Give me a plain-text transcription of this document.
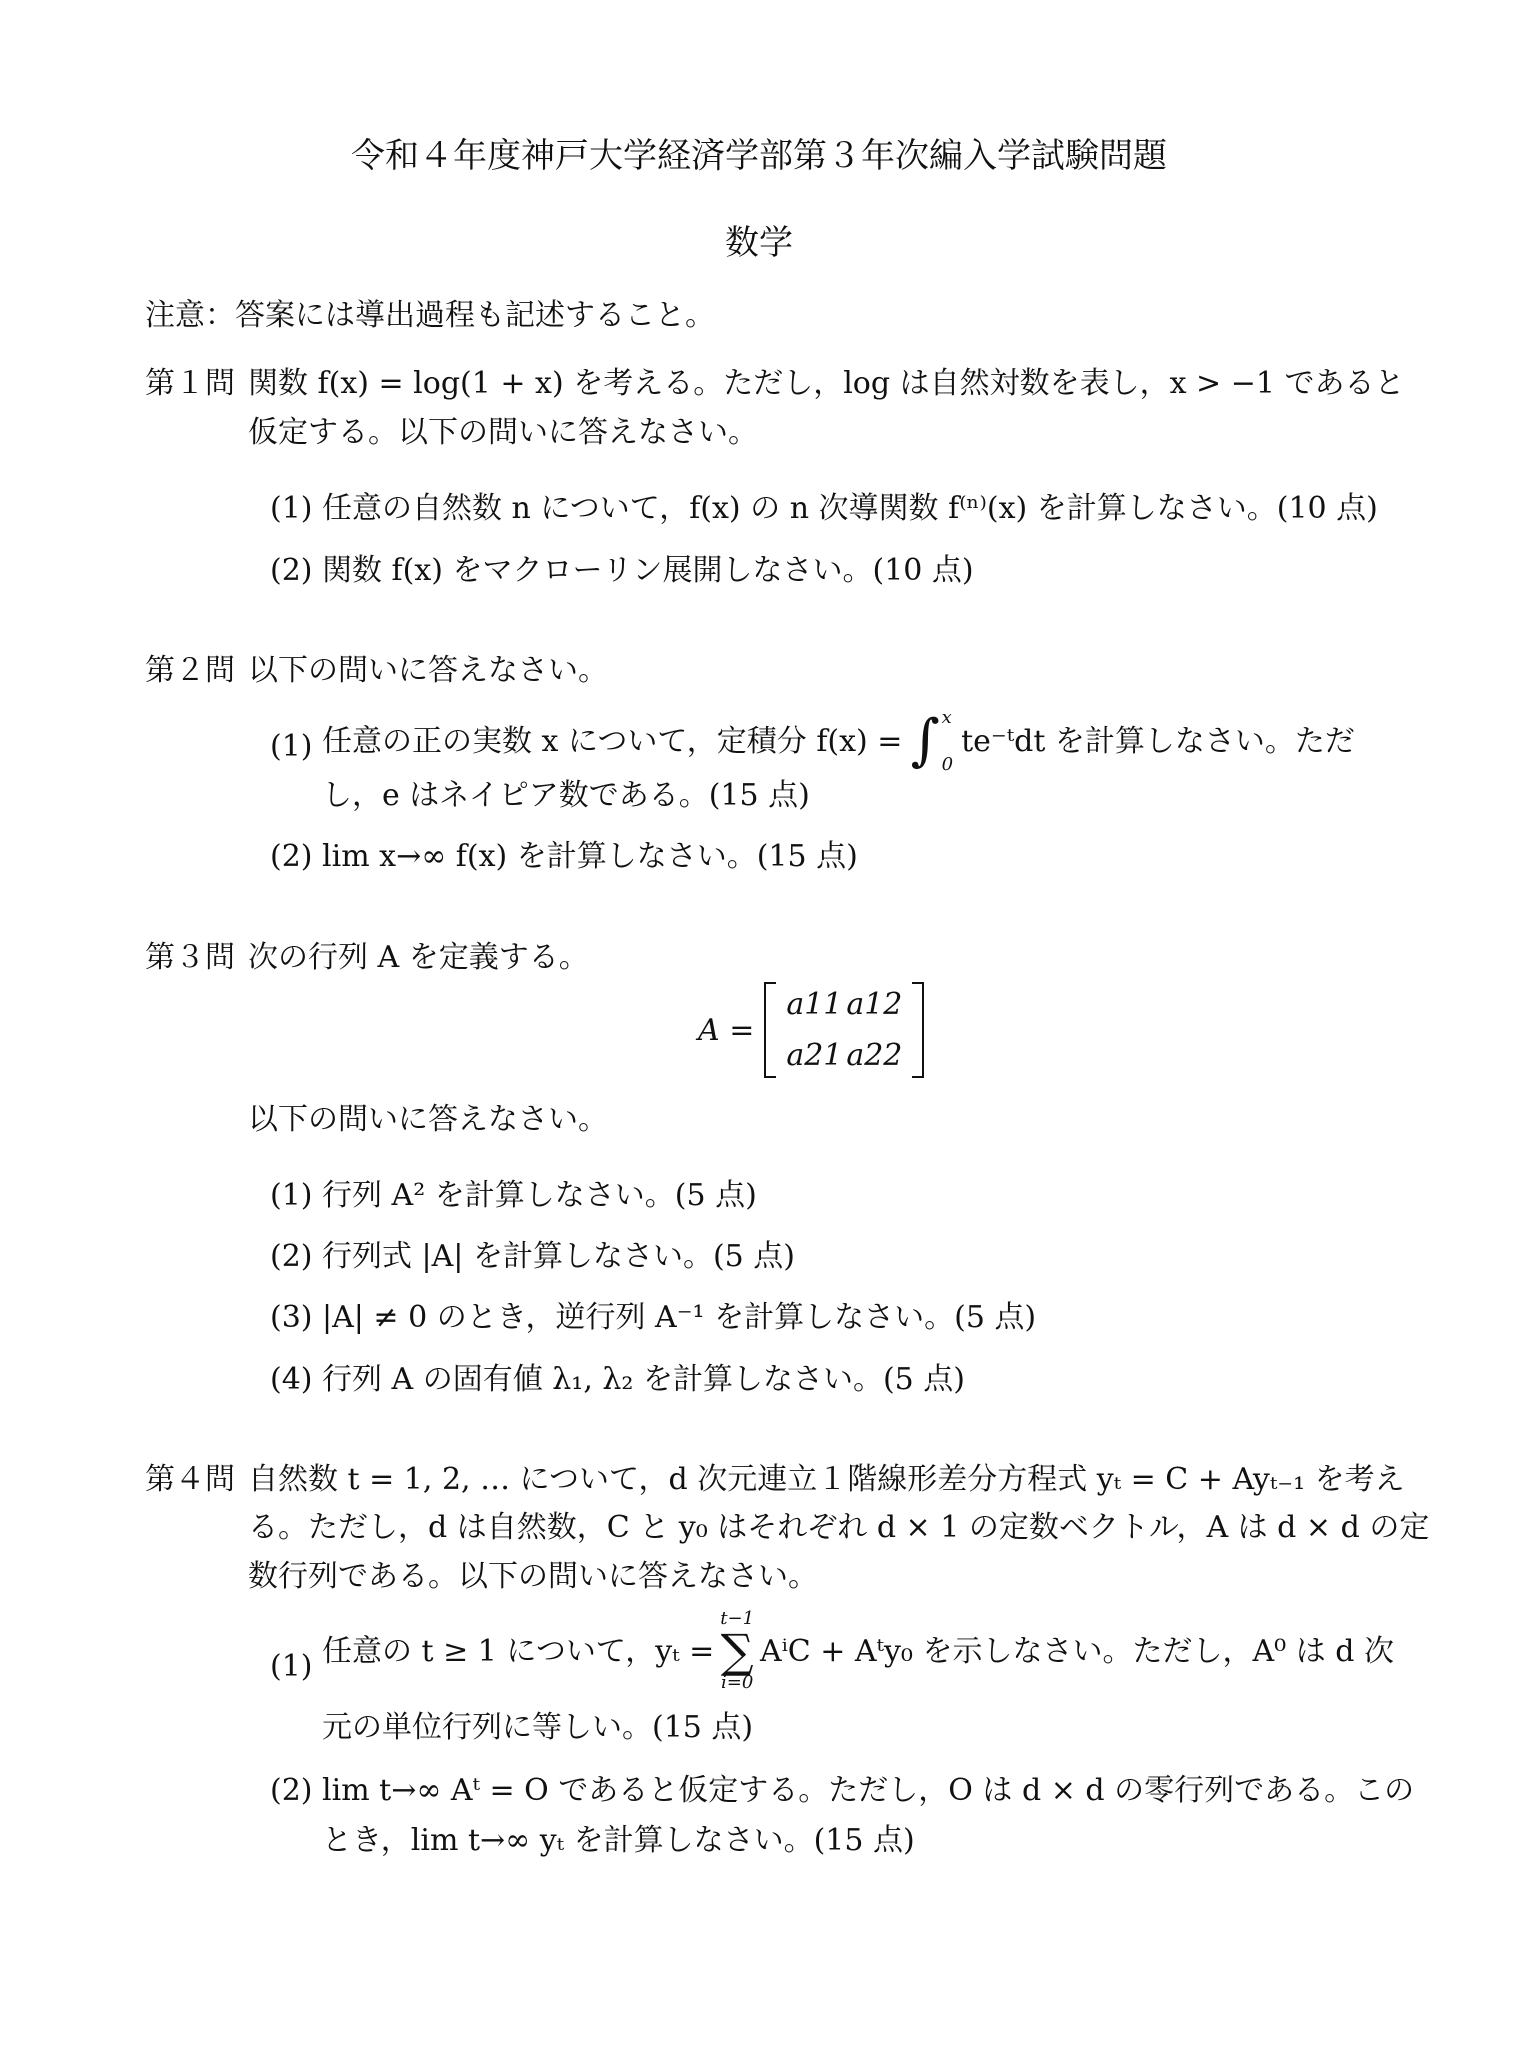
令和４年度神戸大学経済学部第３年次編入学試験問題
数学
注意：答案には導出過程も記述すること。
第１問 関数 f(x) = log(1 + x) を考える。ただし，log は自然対数を表し，x > −1 であると
仮定する。以下の問いに答えなさい。
(1) 任意の自然数 n について，f(x) の n 次導関数 f⁽ⁿ⁾(x) を計算しなさい。(10 点)
(2) 関数 f(x) をマクローリン展開しなさい。(10 点)
第２問 以下の問いに答えなさい。
(1) 任意の正の実数 x について，定積分 f(x) = ∫ x
0
te⁻ᵗdt を計算しなさい。ただ
し，e はネイピア数である。(15 点)
(2) lim x→∞ f(x) を計算しなさい。(15 点)
第３問 次の行列 A を定義する。
A =
a11 a12
a21 a22
以下の問いに答えなさい。
(1) 行列 A² を計算しなさい。(5 点)
(2) 行列式 |A| を計算しなさい。(5 点)
(3) |A| ≠ 0 のとき，逆行列 A⁻¹ を計算しなさい。(5 点)
(4) 行列 A の固有値 λ₁, λ₂ を計算しなさい。(5 点)
第４問 自然数 t = 1, 2, … について，d 次元連立１階線形差分方程式 yₜ = C + Ayₜ₋₁ を考え
る。ただし，d は自然数，C と y₀ はそれぞれ d × 1 の定数ベクトル，A は d × d の定
数行列である。以下の問いに答えなさい。
(1) 任意の t ≥ 1 について，yₜ =
t−1
∑
i=0
AⁱC + Aᵗy₀ を示しなさい。ただし，A⁰ は d 次
元の単位行列に等しい。(15 点)
(2) lim t→∞ Aᵗ = O であると仮定する。ただし，O は d × d の零行列である。この
とき，lim t→∞ yₜ を計算しなさい。(15 点)
